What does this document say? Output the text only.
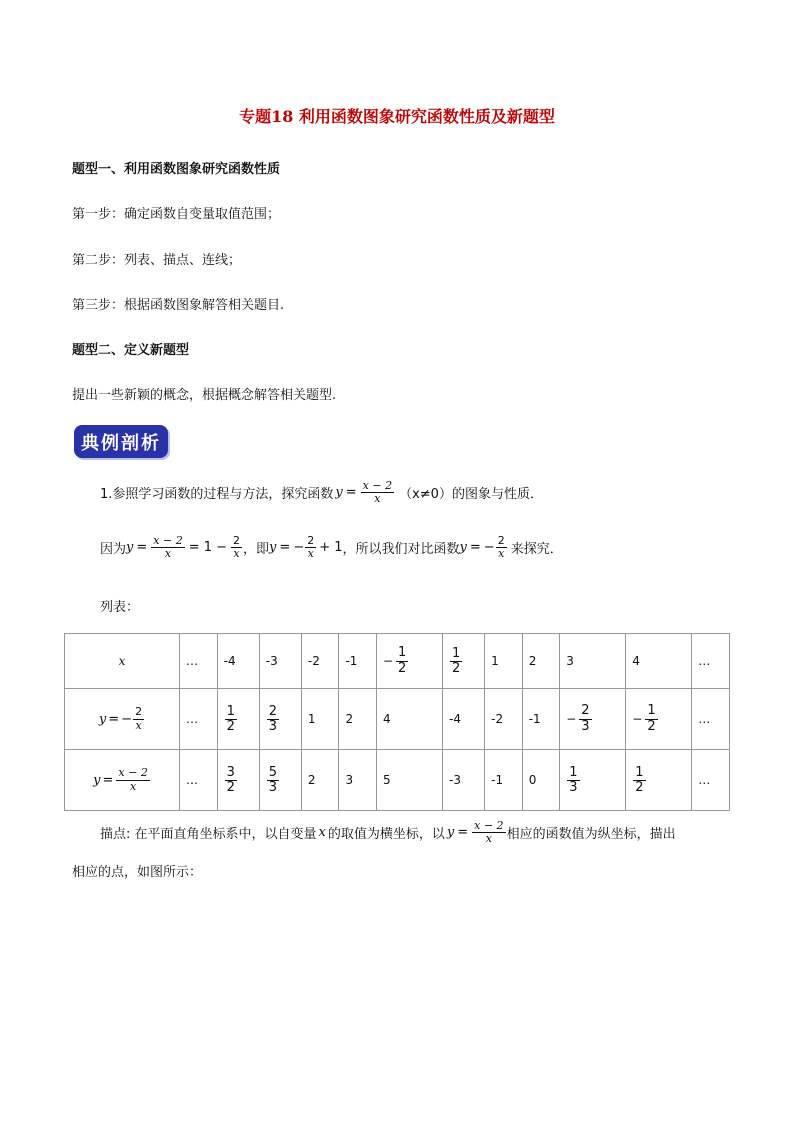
专题18 利用函数图象研究函数性质及新题型
题型一、利用函数图象研究函数性质
第一步：确定函数自变量取值范围；
第二步：列表、描点、连线；
第三步：根据函数图象解答相关题目.
题型二、定义新题型
提出一些新颖的概念，根据概念解答相关题型.
典例剖析
1.参照学习函数的过程与方法，探究函数 $y = \frac{x - 2}{x} (x\ne 0)$的图象与性质．
因为 $y = \frac{x - 2}{x} = 1 - \frac{2}{x}$ ，即 y = − $\frac{2}{x} + 1$ ，所以我们对比函数 y = − $\frac{2}{x}$ 来探究．
列表：
x	…	-4	-3	-2	-1	− $\frac{1}{2}$	$\frac{1}{2}$	1	2	3	4	…

y = − $\frac{2}{x}$	…	$\frac{1}{2}$	$\frac{2}{3}$	1	2	4	-4	-2	-1	− $\frac{2}{3}$	− $\frac{1}{2}$	…

$y = \frac{x - 2}{x}$	…	$\frac{3}{2}$	$\frac{5}{3}$	2	3	5	-3	-1	0	$\frac{1}{3}$	$\frac{1}{2}$	…
描点: 在平面直角坐标系中，以自变量 x 的取值为横坐标，以 $y = \frac{x - 2}{x}$ 相应的函数值为纵坐标，描出
相应的点，如图所示：
